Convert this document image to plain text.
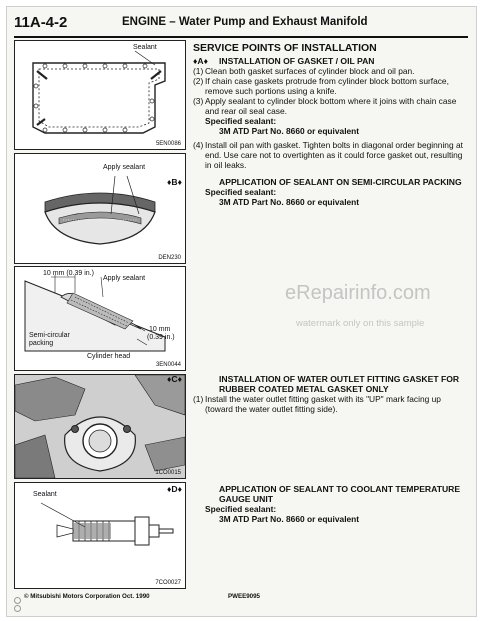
11A-4-2	ENGINE – Water Pump and Exhaust Manifold
Sealant
5EN0086
Apply sealant
DEN230
10 mm (0.39 in.)
Apply sealant
Semi-circular packing
Cylinder head
10 mm
(0.39 in.)
3EN0044
1CO0015
Sealant
7CO0027
SERVICE POINTS OF INSTALLATION
♦A♦ INSTALLATION OF GASKET / OIL PAN
(1) Clean both gasket surfaces of cylinder block and oil pan.
(2) If chain case gaskets protrude from cylinder block bottom surface, remove such portions using a knife.
(3) Apply sealant to cylinder block bottom where it joins with chain case and rear oil seal case.
Specified sealant:
3M ATD Part No. 8660 or equivalent
(4) Install oil pan with gasket. Tighten bolts in diagonal order beginning at end. Use care not to overtighten as it could force gasket out, resulting in oil leaks.
♦B♦	APPLICATION OF SEALANT ON SEMI-CIRCULAR PACKING
Specified sealant:
3M ATD Part No. 8660 or equivalent
♦C♦	INSTALLATION OF WATER OUTLET FITTING GASKET FOR RUBBER COATED METAL GASKET ONLY
(1) Install the water outlet fitting gasket with its "UP" mark facing up (toward the water outlet fitting side).
♦D♦	APPLICATION OF SEALANT TO COOLANT TEMPERATURE GAUGE UNIT
Specified sealant:
3M ATD Part No. 8660 or equivalent
eRepairinfo.com
watermark only on this sample
© Mitsubishi Motors Corporation Oct. 1990	PWEE9095
